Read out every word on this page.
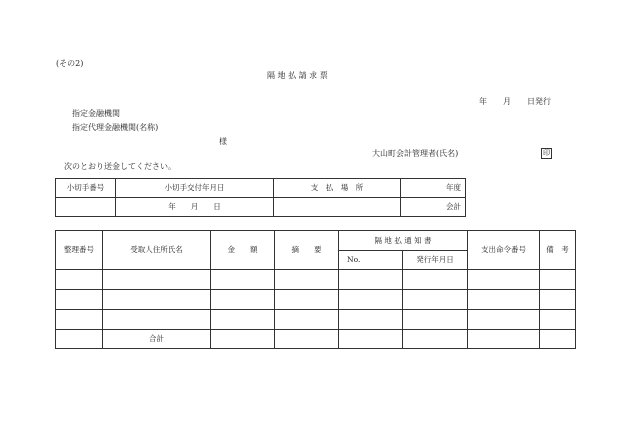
(その2)
隔 地 払 請 求 票
年　　月　　日発行
指定金融機関
指定代理金融機関(名称)
様
大山町会計管理者(氏名)	印
次のとおり送金してください。
小切手番号	小切手交付年月日	支　払　場　所	年度
	年　　月　　日		会計
整理番号	受取人住所氏名	金　　額	摘　　要	隔 地 払 通 知 書		支出命令番号	備　考
				No.	発行年月日		

	合計						
